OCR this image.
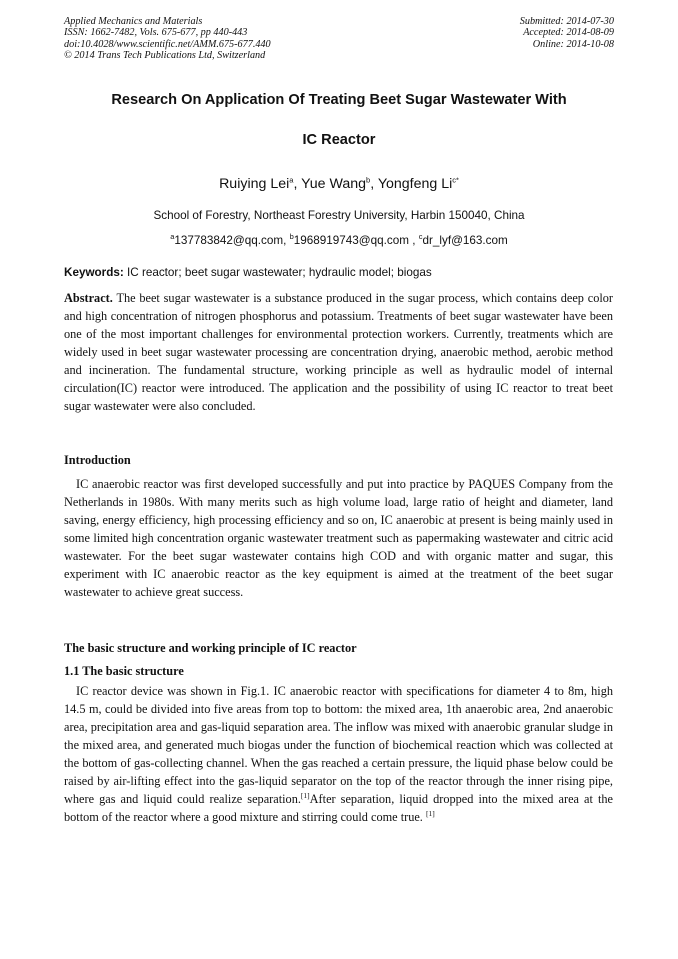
Applied Mechanics and Materials
ISSN: 1662-7482, Vols. 675-677, pp 440-443
doi:10.4028/www.scientific.net/AMM.675-677.440
© 2014 Trans Tech Publications Ltd, Switzerland
Submitted: 2014-07-30
Accepted: 2014-08-09
Online: 2014-10-08
Research On Application Of Treating Beet Sugar Wastewater With
IC Reactor
Ruiying Lei$^a$, Yue Wang$^b$, Yongfeng $Li^{c*}$
School of Forestry, Northeast Forestry University, Harbin 150040, China
$^a$137783842@qq.com, $^b$1968919743@qq.com , $^c$dr_lyf@163.com
Keywords: IC reactor; beet sugar wastewater; hydraulic model; biogas
Abstract. The beet sugar wastewater is a substance produced in the sugar process, which contains deep color and high concentration of nitrogen phosphorus and potassium. Treatments of beet sugar wastewater have been one of the most important challenges for environmental protection workers. Currently, treatments which are widely used in beet sugar wastewater processing are concentration drying, anaerobic method, aerobic method and incineration. The fundamental structure, working principle as well as hydraulic model of internal circulation(IC) reactor were introduced. The application and the possibility of using IC reactor to treat beet sugar wastewater were also concluded.
Introduction
IC anaerobic reactor was first developed successfully and put into practice by PAQUES Company from the Netherlands in 1980s. With many merits such as high volume load, large ratio of height and diameter, land saving, energy efficiency, high processing efficiency and so on, IC anaerobic at present is being mainly used in some limited high concentration organic wastewater treatment such as papermaking wastewater and citric acid wastewater. For the beet sugar wastewater contains high COD and with organic matter and sugar, this experiment with IC anaerobic reactor as the key equipment is aimed at the treatment of the beet sugar wastewater to achieve great success.
The basic structure and working principle of IC reactor
1.1 The basic structure
IC reactor device was shown in Fig.1. IC anaerobic reactor with specifications for diameter 4 to 8m, high 14.5 m, could be divided into five areas from top to bottom: the mixed area, 1th anaerobic area, 2nd anaerobic area, precipitation area and gas-liquid separation area. The inflow was mixed with anaerobic granular sludge in the mixed area, and generated much biogas under the function of biochemical reaction which was collected at the bottom of gas-collecting channel. When the gas reached a certain pressure, the liquid phase below could be raised by air-lifting effect into the gas-liquid separator on the top of the reactor through the inner rising pipe, where gas and liquid could realize separation.[1]After separation, liquid dropped into the mixed area at the bottom of the reactor where a good mixture and stirring could come true. [1]
